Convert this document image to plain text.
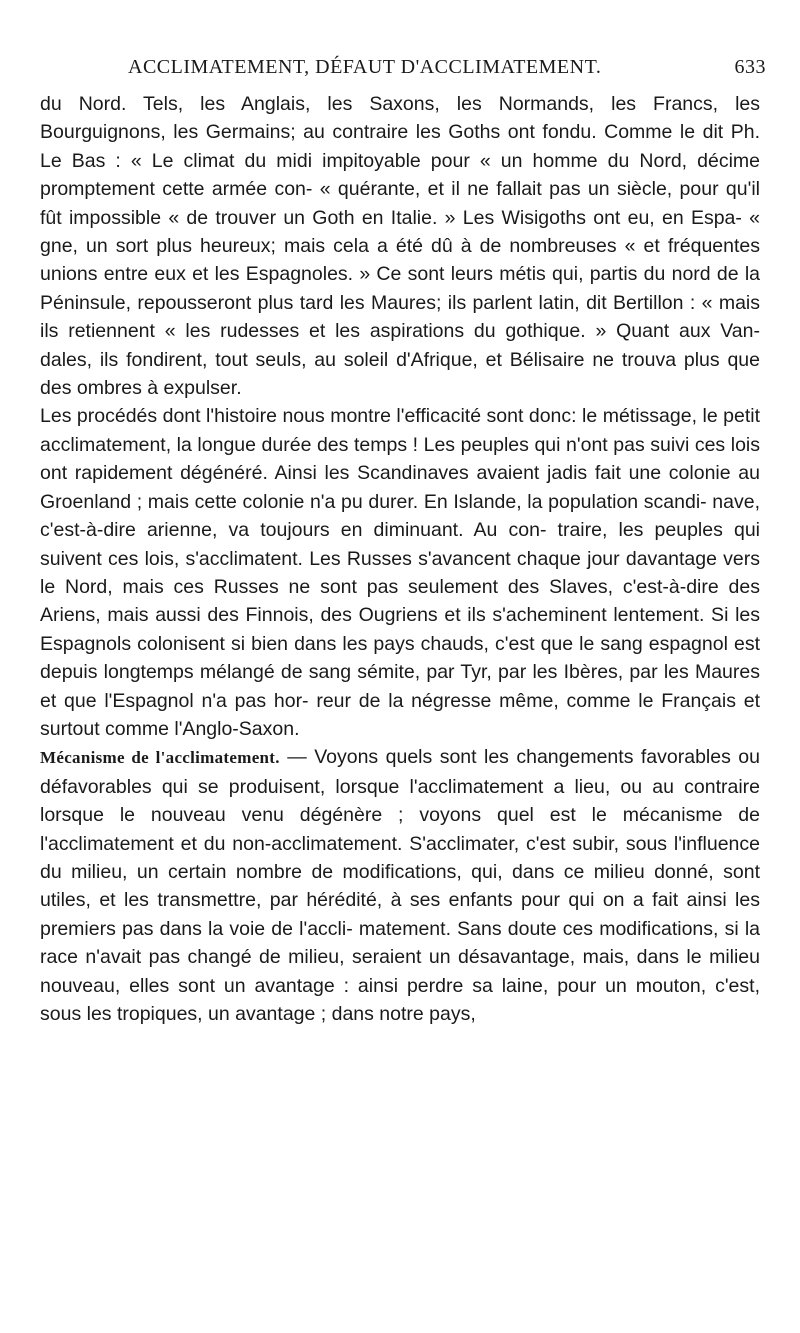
ACCLIMATEMENT, DÉFAUT D'ACCLIMATEMENT.	633

du Nord. Tels, les Anglais, les Saxons, les Normands, les Francs, les Bourguignons, les Germains; au contraire les Goths ont fondu. Comme le dit Ph. Le Bas : « Le climat du midi impitoyable pour « un homme du Nord, décime promptement cette armée con- « quérante, et il ne fallait pas un siècle, pour qu'il fût impossible « de trouver un Goth en Italie. » Les Wisigoths ont eu, en Espa- « gne, un sort plus heureux; mais cela a été dû à de nombreuses « et fréquentes unions entre eux et les Espagnoles. » Ce sont leurs métis qui, partis du nord de la Péninsule, repousseront plus tard les Maures; ils parlent latin, dit Bertillon : « mais ils retiennent « les rudesses et les aspirations du gothique. » Quant aux Van- dales, ils fondirent, tout seuls, au soleil d'Afrique, et Bélisaire ne trouva plus que des ombres à expulser.

Les procédés dont l'histoire nous montre l'efficacité sont donc: le métissage, le petit acclimatement, la longue durée des temps ! Les peuples qui n'ont pas suivi ces lois ont rapidement dégénéré. Ainsi les Scandinaves avaient jadis fait une colonie au Groenland ; mais cette colonie n'a pu durer. En Islande, la population scandi- nave, c'est-à-dire arienne, va toujours en diminuant. Au con- traire, les peuples qui suivent ces lois, s'acclimatent. Les Russes s'avancent chaque jour davantage vers le Nord, mais ces Russes ne sont pas seulement des Slaves, c'est-à-dire des Ariens, mais aussi des Finnois, des Ougriens et ils s'acheminent lentement. Si les Espagnols colonisent si bien dans les pays chauds, c'est que le sang espagnol est depuis longtemps mélangé de sang sémite, par Tyr, par les Ibères, par les Maures et que l'Espagnol n'a pas hor- reur de la négresse même, comme le Français et surtout comme l'Anglo-Saxon.

Mécanisme de l'acclimatement. — Voyons quels sont les changements favorables ou défavorables qui se produisent, lorsque l'acclimatement a lieu, ou au contraire lorsque le nouveau venu dégénère ; voyons quel est le mécanisme de l'acclimatement et du non-acclimatement. S'acclimater, c'est subir, sous l'influence du milieu, un certain nombre de modifications, qui, dans ce milieu donné, sont utiles, et les transmettre, par hérédité, à ses enfants pour qui on a fait ainsi les premiers pas dans la voie de l'accli- matement. Sans doute ces modifications, si la race n'avait pas changé de milieu, seraient un désavantage, mais, dans le milieu nouveau, elles sont un avantage : ainsi perdre sa laine, pour un mouton, c'est, sous les tropiques, un avantage ; dans notre pays,
